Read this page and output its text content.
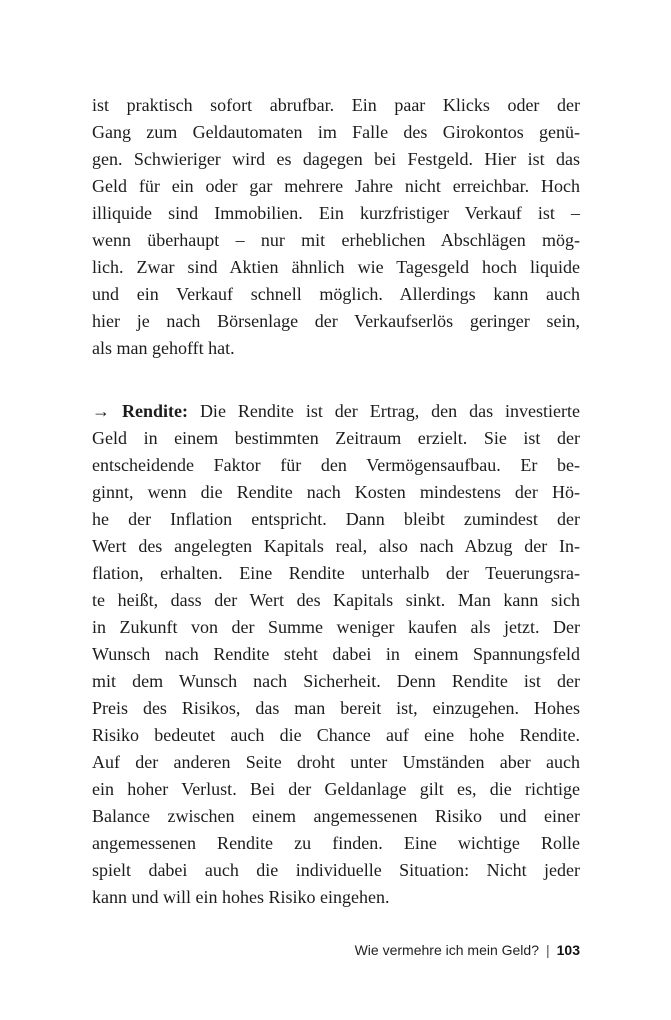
ist praktisch sofort abrufbar. Ein paar Klicks oder der
Gang zum Geldautomaten im Falle des Girokontos genü-
gen. Schwieriger wird es dagegen bei Festgeld. Hier ist das
Geld für ein oder gar mehrere Jahre nicht erreichbar. Hoch
illiquide sind Immobilien. Ein kurzfristiger Verkauf ist –
wenn überhaupt – nur mit erheblichen Abschlägen mög-
lich. Zwar sind Aktien ähnlich wie Tagesgeld hoch liquide
und ein Verkauf schnell möglich. Allerdings kann auch
hier je nach Börsenlage der Verkaufserlös geringer sein,
als man gehofft hat.
→ Rendite: Die Rendite ist der Ertrag, den das investierte
Geld in einem bestimmten Zeitraum erzielt. Sie ist der
entscheidende Faktor für den Vermögensaufbau. Er be-
ginnt, wenn die Rendite nach Kosten mindestens der Hö-
he der Inflation entspricht. Dann bleibt zumindest der
Wert des angelegten Kapitals real, also nach Abzug der In-
flation, erhalten. Eine Rendite unterhalb der Teuerungsra-
te heißt, dass der Wert des Kapitals sinkt. Man kann sich
in Zukunft von der Summe weniger kaufen als jetzt. Der
Wunsch nach Rendite steht dabei in einem Spannungsfeld
mit dem Wunsch nach Sicherheit. Denn Rendite ist der
Preis des Risikos, das man bereit ist, einzugehen. Hohes
Risiko bedeutet auch die Chance auf eine hohe Rendite.
Auf der anderen Seite droht unter Umständen aber auch
ein hoher Verlust. Bei der Geldanlage gilt es, die richtige
Balance zwischen einem angemessenen Risiko und einer
angemessenen Rendite zu finden. Eine wichtige Rolle
spielt dabei auch die individuelle Situation: Nicht jeder
kann und will ein hohes Risiko eingehen.
Wie vermehre ich mein Geld? | 103
